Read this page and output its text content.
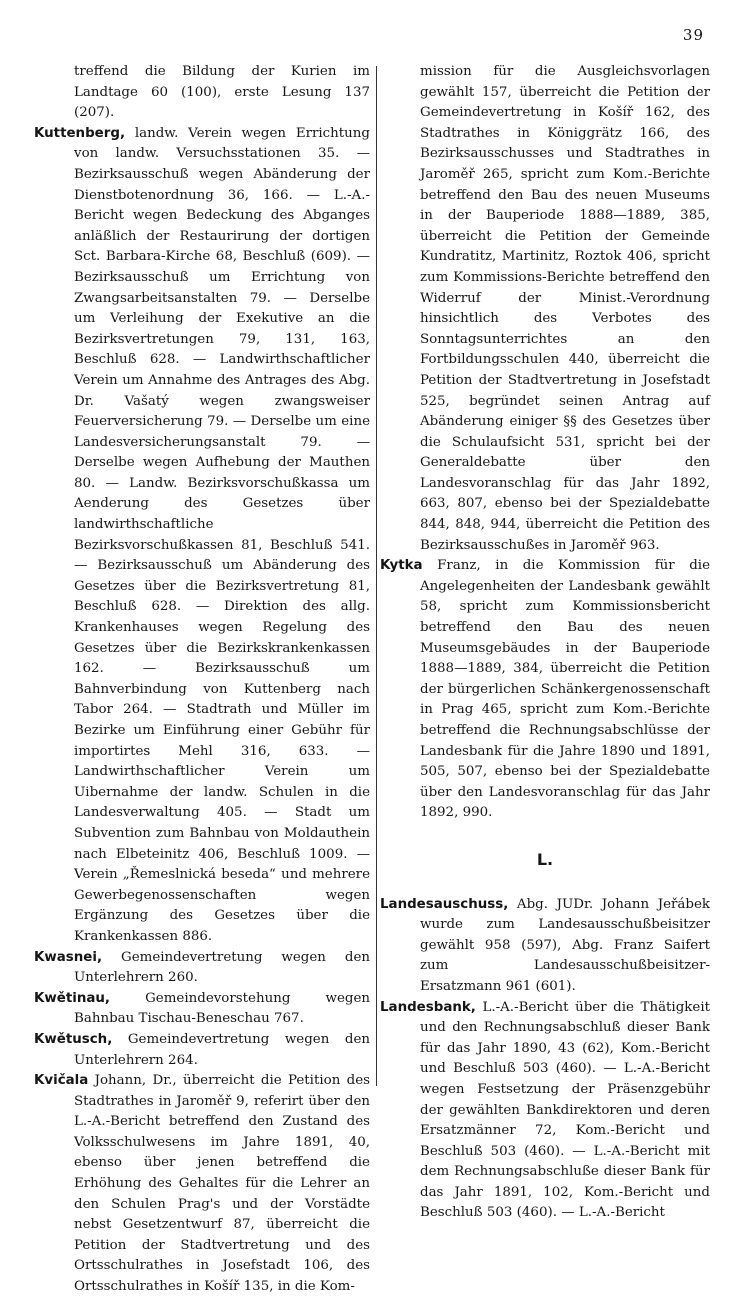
39

treffend die Bildung der Kurien im Landtage 60 (100), erste Lesung 137 (207).

Kuttenberg, landw. Verein wegen Errichtung von landw. Versuchsstationen 35. — Bezirksausschuß wegen Abänderung der Dienstbotenordnung 36, 166. — L.-A.-Bericht wegen Bedeckung des Abganges anläßlich der Restaurirung der dortigen Sct. Barbara-Kirche 68, Beschluß (609). — Bezirksausschuß um Errichtung von Zwangsarbeitsanstalten 79. — Derselbe um Verleihung der Exekutive an die Bezirksvertretungen 79, 131, 163, Beschluß 628. — Landwirthschaftlicher Verein um Annahme des Antrages des Abg. Dr. Vašatý wegen zwangsweiser Feuerversicherung 79. — Derselbe um eine Landesversicherungsanstalt 79. — Derselbe wegen Aufhebung der Mauthen 80. — Landw. Bezirksvorschußkassa um Aenderung des Gesetzes über landwirthschaftliche Bezirksvorschußkassen 81, Beschluß 541. — Bezirksausschuß um Abänderung des Gesetzes über die Bezirksvertretung 81, Beschluß 628. — Direktion des allg. Krankenhauses wegen Regelung des Gesetzes über die Bezirkskrankenkassen 162. — Bezirksausschuß um Bahnverbindung von Kuttenberg nach Tabor 264. — Stadtrath und Müller im Bezirke um Einführung einer Gebühr für importirtes Mehl 316, 633. — Landwirthschaftlicher Verein um Uibernahme der landw. Schulen in die Landesverwaltung 405. — Stadt um Subvention zum Bahnbau von Moldauthein nach Elbeteinitz 406, Beschluß 1009. — Verein „Řemeslnická beseda“ und mehrere Gewerbegenossenschaften wegen Ergänzung des Gesetzes über die Krankenkassen 886.

Kwasnei, Gemeindevertretung wegen den Unterlehrern 260.

Kwětinau, Gemeindevorstehung wegen Bahnbau Tischau-Beneschau 767.

Kwětusch, Gemeindevertretung wegen den Unterlehrern 264.

Kvičala Johann, Dr., überreicht die Petition des Stadtrathes in Jaroměř 9, referirt über den L.-A.-Bericht betreffend den Zustand des Volksschulwesens im Jahre 1891, 40, ebenso über jenen betreffend die Erhöhung des Gehaltes für die Lehrer an den Schulen Prag's und der Vorstädte nebst Gesetzentwurf 87, überreicht die Petition der Stadtvertretung und des Ortsschulrathes in Josefstadt 106, des Ortsschulrathes in Košíř 135, in die Kom-

mission für die Ausgleichsvorlagen gewählt 157, überreicht die Petition der Gemeindevertretung in Košíř 162, des Stadtrathes in Königgrätz 166, des Bezirksausschusses und Stadtrathes in Jaroměř 265, spricht zum Kom.-Berichte betreffend den Bau des neuen Museums in der Bauperiode 1888—1889, 385, überreicht die Petition der Gemeinde Kundratitz, Martinitz, Roztok 406, spricht zum Kommissions-Berichte betreffend den Widerruf der Minist.-Verordnung hinsichtlich des Verbotes des Sonntagsunterrichtes an den Fortbildungsschulen 440, überreicht die Petition der Stadtvertretung in Josefstadt 525, begründet seinen Antrag auf Abänderung einiger §§ des Gesetzes über die Schulaufsicht 531, spricht bei der Generaldebatte über den Landesvoranschlag für das Jahr 1892, 663, 807, ebenso bei der Spezialdebatte 844, 848, 944, überreicht die Petition des Bezirksausschußes in Jaroměř 963.

Kytka Franz, in die Kommission für die Angelegenheiten der Landesbank gewählt 58, spricht zum Kommissionsbericht betreffend den Bau des neuen Museumsgebäudes in der Bauperiode 1888—1889, 384, überreicht die Petition der bürgerlichen Schänkergenossenschaft in Prag 465, spricht zum Kom.-Berichte betreffend die Rechnungsabschlüsse der Landesbank für die Jahre 1890 und 1891, 505, 507, ebenso bei der Spezialdebatte über den Landesvoranschlag für das Jahr 1892, 990.

L.

Landesauschuss, Abg. JUDr. Johann Jeřábek wurde zum Landesausschußbeisitzer gewählt 958 (597), Abg. Franz Saifert zum Landesausschußbeisitzer-Ersatzmann 961 (601).

Landesbank, L.-A.-Bericht über die Thätigkeit und den Rechnungsabschluß dieser Bank für das Jahr 1890, 43 (62), Kom.-Bericht und Beschluß 503 (460). — L.-A.-Bericht wegen Festsetzung der Präsenzgebühr der gewählten Bankdirektoren und deren Ersatzmänner 72, Kom.-Bericht und Beschluß 503 (460). — L.-A.-Bericht mit dem Rechnungsabschluße dieser Bank für das Jahr 1891, 102, Kom.-Bericht und Beschluß 503 (460). — L.-A.-Bericht
